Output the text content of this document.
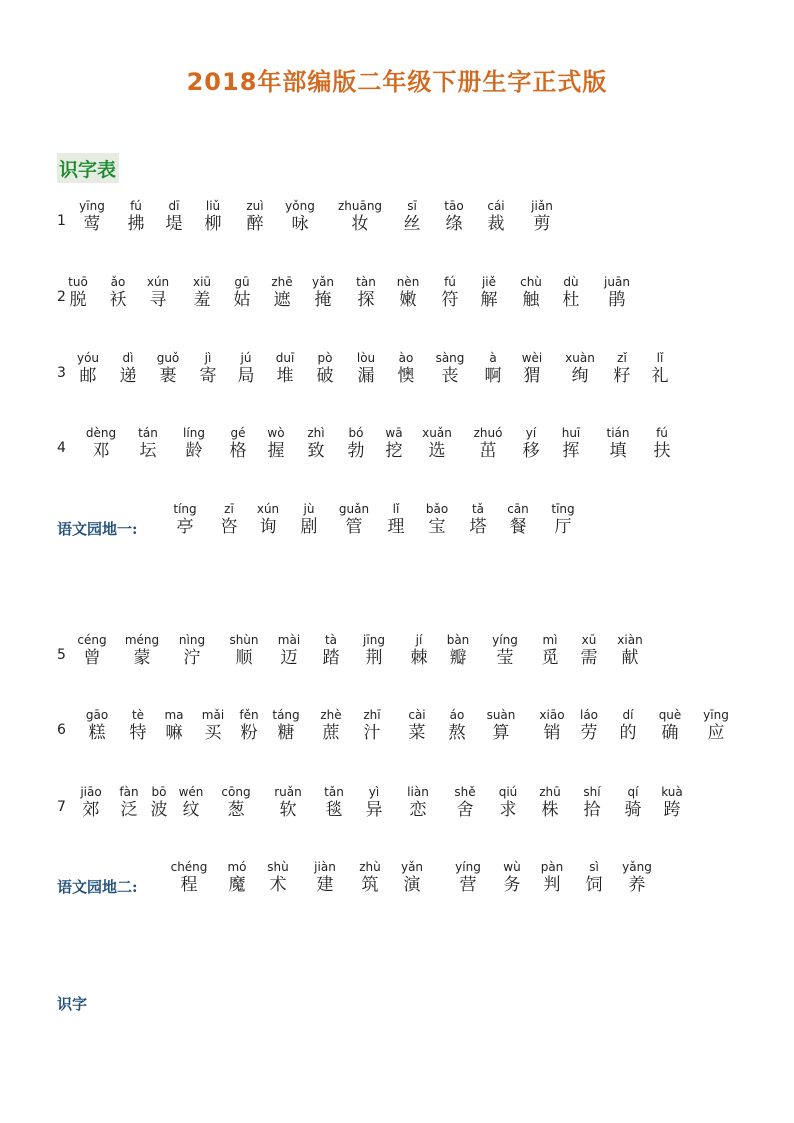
2018年部编版二年级下册生字正式版
识字表
1
yīng
莺
fú
拂
dī
堤
liǔ
柳
zuì
醉
yǒng
咏
zhuāng
妆
sī
丝
tāo
绦
cái
裁
jiǎn
剪
2
tuō
脱
ǎo
袄
xún
寻
xiū
羞
gū
姑
zhē
遮
yǎn
掩
tàn
探
nèn
嫩
fú
符
jiě
解
chù
触
dù
杜
juān
鹃
3
yóu
邮
dì
递
guǒ
裹
jì
寄
jú
局
duī
堆
pò
破
lòu
漏
ào
懊
sàng
丧
à
啊
wèi
猬
xuàn
绚
zǐ
籽
lǐ
礼
4
dèng
邓
tán
坛
líng
龄
gé
格
wò
握
zhì
致
bó
勃
wā
挖
xuǎn
选
zhuó
茁
yí
移
huī
挥
tián
填
fú
扶
语文园地一:
tíng
亭
zī
咨
xún
询
jù
剧
guǎn
管
lǐ
理
bǎo
宝
tǎ
塔
cān
餐
tīng
厅
5
céng
曾
méng
蒙
nìng
泞
shùn
顺
mài
迈
tà
踏
jīng
荆
jí
棘
bàn
瓣
yíng
莹
mì
觅
xū
需
xiàn
献
6
gāo
糕
tè
特
ma
嘛
mǎi
买
fěn
粉
táng
糖
zhè
蔗
zhī
汁
cài
菜
áo
熬
suàn
算
xiāo
销
láo
劳
dí
的
què
确
yīng
应
7
jiāo
郊
fàn
泛
bō
波
wén
纹
cōng
葱
ruǎn
软
tǎn
毯
yì
异
liàn
恋
shě
舍
qiú
求
zhū
株
shí
拾
qí
骑
kuà
跨
语文园地二:
chéng
程
mó
魔
shù
术
jiàn
建
zhù
筑
yǎn
演
yíng
营
wù
务
pàn
判
sì
饲
yǎng
养
识字
